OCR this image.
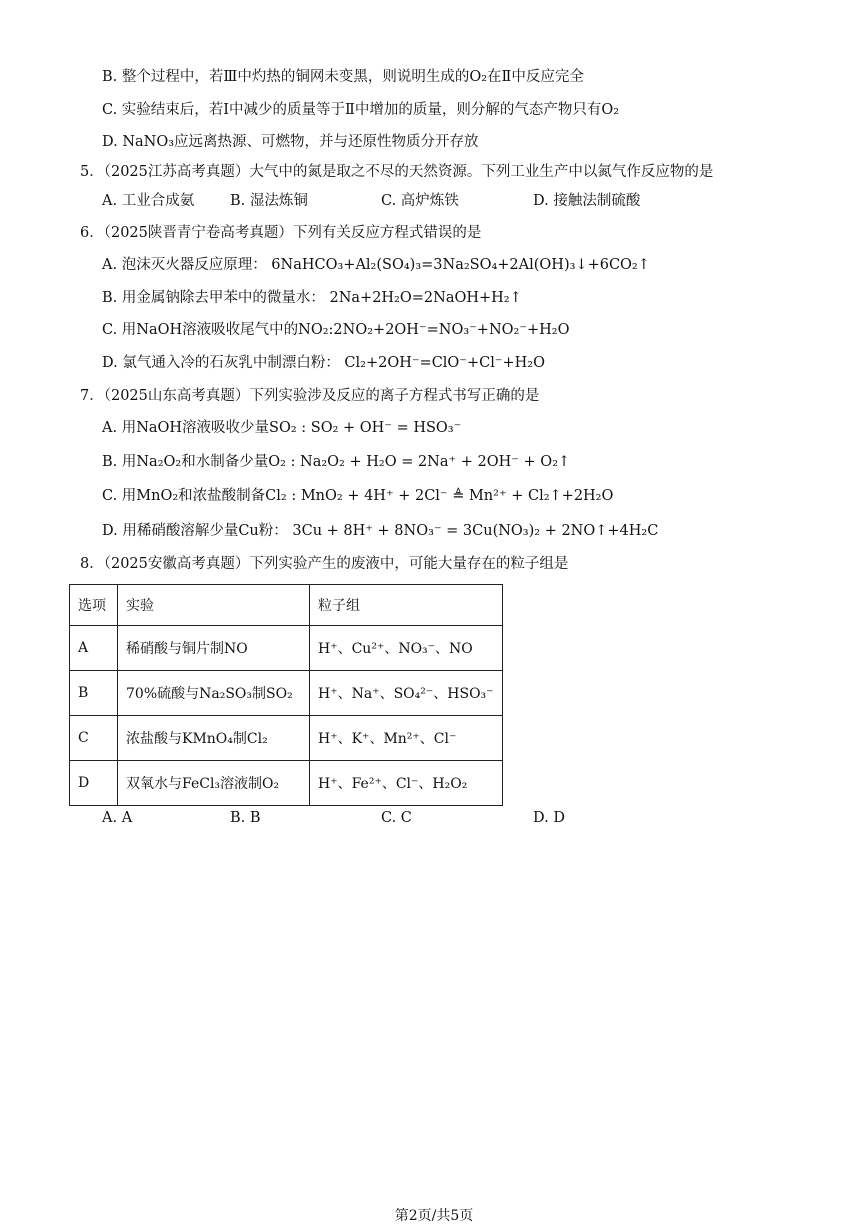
B. 整个过程中，若Ⅲ中灼热的铜网未变黑，则说明生成的O₂在Ⅱ中反应完全
C. 实验结束后，若Ⅰ中减少的质量等于Ⅱ中增加的质量，则分解的气态产物只有O₂
D. NaNO₃应远离热源、可燃物，并与还原性物质分开存放
5．（2025江苏高考真题）大气中的氮是取之不尽的天然资源。下列工业生产中以氮气作反应物的是
A. 工业合成氨 B. 湿法炼铜	C. 高炉炼铁	D. 接触法制硫酸
6．（2025陕晋青宁卷高考真题）下列有关反应方程式错误的是
A. 泡沫灭火器反应原理： 6NaHCO₃+Al₂(SO₄)₃=3Na₂SO₄+2Al(OH)₃↓+6CO₂↑
B. 用金属钠除去甲苯中的微量水： 2Na+2H₂O=2NaOH+H₂↑
C. 用NaOH溶液吸收尾气中的NO₂:2NO₂+2OH⁻=NO₃⁻+NO₂⁻+H₂O
D. 氯气通入冷的石灰乳中制漂白粉： Cl₂+2OH⁻=ClO⁻+Cl⁻+H₂O
7．（2025山东高考真题）下列实验涉及反应的离子方程式书写正确的是
A. 用NaOH溶液吸收少量SO₂ : SO₂ + OH⁻ = HSO₃⁻
B. 用Na₂O₂和水制备少量O₂ : Na₂O₂ + H₂O = 2Na⁺ + 2OH⁻ + O₂↑
C. 用MnO₂和浓盐酸制备Cl₂ : MnO₂ + 4H⁺ + 2Cl⁻ ≜ Mn²⁺ + Cl₂↑+2H₂O
D. 用稀硝酸溶解少量Cu粉： 3Cu + 8H⁺ + 8NO₃⁻ = 3Cu(NO₃)₂ + 2NO↑+4H₂C
8．（2025安徽高考真题）下列实验产生的废液中，可能大量存在的粒子组是
选项	实验	粒子组
A	稀硝酸与铜片制NO	H⁺、Cu²⁺、NO₃⁻、NO
B	70%硫酸与Na₂SO₃制SO₂	H⁺、Na⁺、SO₄²⁻、HSO₃⁻
C	浓盐酸与KMnO₄制Cl₂	H⁺、K⁺、Mn²⁺、Cl⁻
D	双氧水与FeCl₃溶液制O₂	H⁺、Fe²⁺、Cl⁻、H₂O₂
A. A	B. B	C. C	D. D
第2页/共5页
